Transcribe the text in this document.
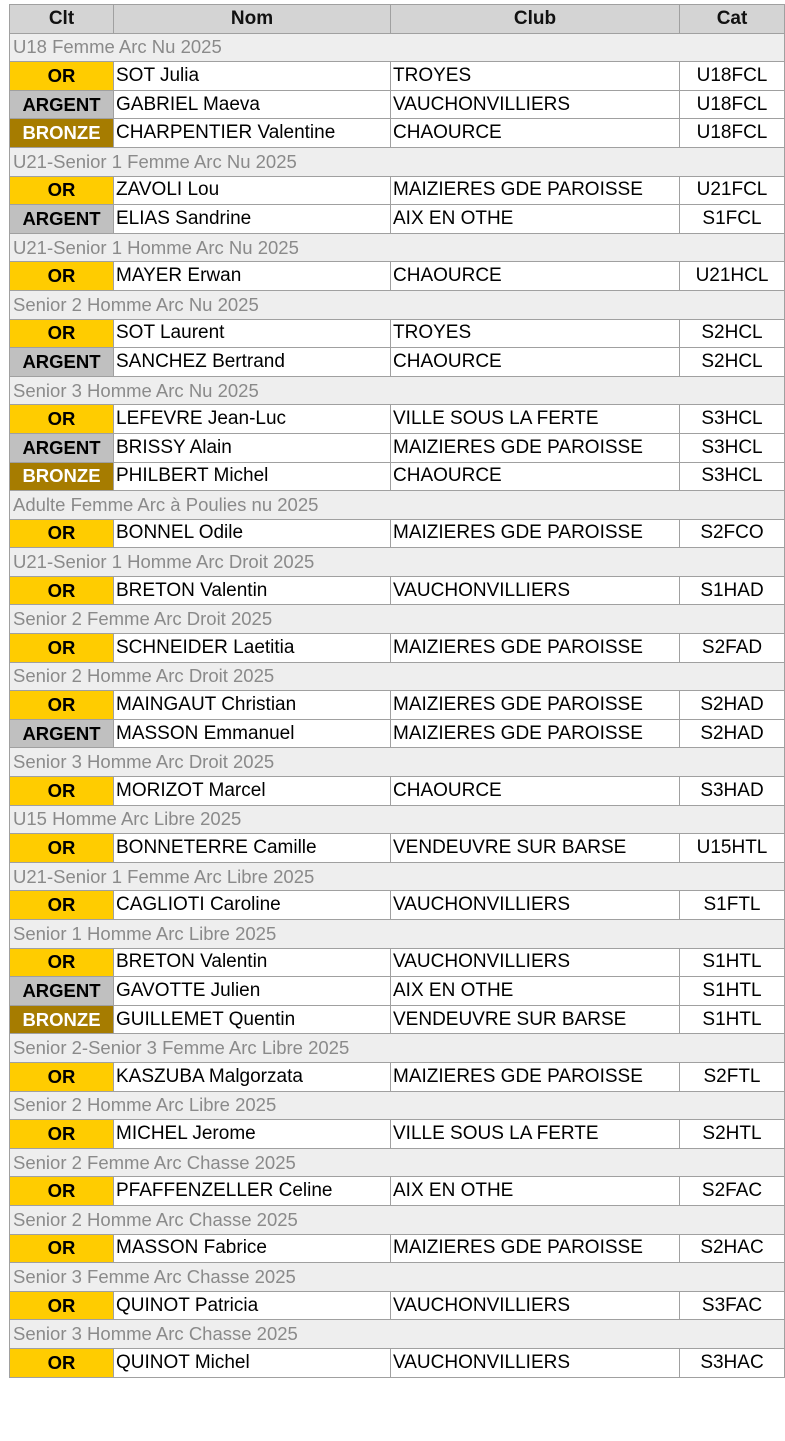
Clt	Nom	Club	Cat
U18 Femme Arc Nu 2025			
OR	SOT Julia	TROYES	U18FCL
ARGENT	GABRIEL Maeva	VAUCHONVILLIERS	U18FCL
BRONZE	CHARPENTIER Valentine	CHAOURCE	U18FCL
U21-Senior 1 Femme Arc Nu 2025			
OR	ZAVOLI Lou	MAIZIERES GDE PAROISSE	U21FCL
ARGENT	ELIAS Sandrine	AIX EN OTHE	S1FCL
U21-Senior 1 Homme Arc Nu 2025			
OR	MAYER Erwan	CHAOURCE	U21HCL
Senior 2 Homme Arc Nu 2025			
OR	SOT Laurent	TROYES	S2HCL
ARGENT	SANCHEZ Bertrand	CHAOURCE	S2HCL
Senior 3 Homme Arc Nu 2025			
OR	LEFEVRE Jean-Luc	VILLE SOUS LA FERTE	S3HCL
ARGENT	BRISSY Alain	MAIZIERES GDE PAROISSE	S3HCL
BRONZE	PHILBERT Michel	CHAOURCE	S3HCL
Adulte Femme Arc à Poulies nu 2025			
OR	BONNEL Odile	MAIZIERES GDE PAROISSE	S2FCO
U21-Senior 1 Homme Arc Droit 2025			
OR	BRETON Valentin	VAUCHONVILLIERS	S1HAD
Senior 2 Femme Arc Droit 2025			
OR	SCHNEIDER Laetitia	MAIZIERES GDE PAROISSE	S2FAD
Senior 2 Homme Arc Droit 2025			
OR	MAINGAUT Christian	MAIZIERES GDE PAROISSE	S2HAD
ARGENT	MASSON Emmanuel	MAIZIERES GDE PAROISSE	S2HAD
Senior 3 Homme Arc Droit 2025			
OR	MORIZOT Marcel	CHAOURCE	S3HAD
U15 Homme Arc Libre 2025			
OR	BONNETERRE Camille	VENDEUVRE SUR BARSE	U15HTL
U21-Senior 1 Femme Arc Libre 2025			
OR	CAGLIOTI Caroline	VAUCHONVILLIERS	S1FTL
Senior 1 Homme Arc Libre 2025			
OR	BRETON Valentin	VAUCHONVILLIERS	S1HTL
ARGENT	GAVOTTE Julien	AIX EN OTHE	S1HTL
BRONZE	GUILLEMET Quentin	VENDEUVRE SUR BARSE	S1HTL
Senior 2-Senior 3 Femme Arc Libre 2025			
OR	KASZUBA Malgorzata	MAIZIERES GDE PAROISSE	S2FTL
Senior 2 Homme Arc Libre 2025			
OR	MICHEL Jerome	VILLE SOUS LA FERTE	S2HTL
Senior 2 Femme Arc Chasse 2025			
OR	PFAFFENZELLER Celine	AIX EN OTHE	S2FAC
Senior 2 Homme Arc Chasse 2025			
OR	MASSON Fabrice	MAIZIERES GDE PAROISSE	S2HAC
Senior 3 Femme Arc Chasse 2025			
OR	QUINOT Patricia	VAUCHONVILLIERS	S3FAC
Senior 3 Homme Arc Chasse 2025			
OR	QUINOT Michel	VAUCHONVILLIERS	S3HAC
